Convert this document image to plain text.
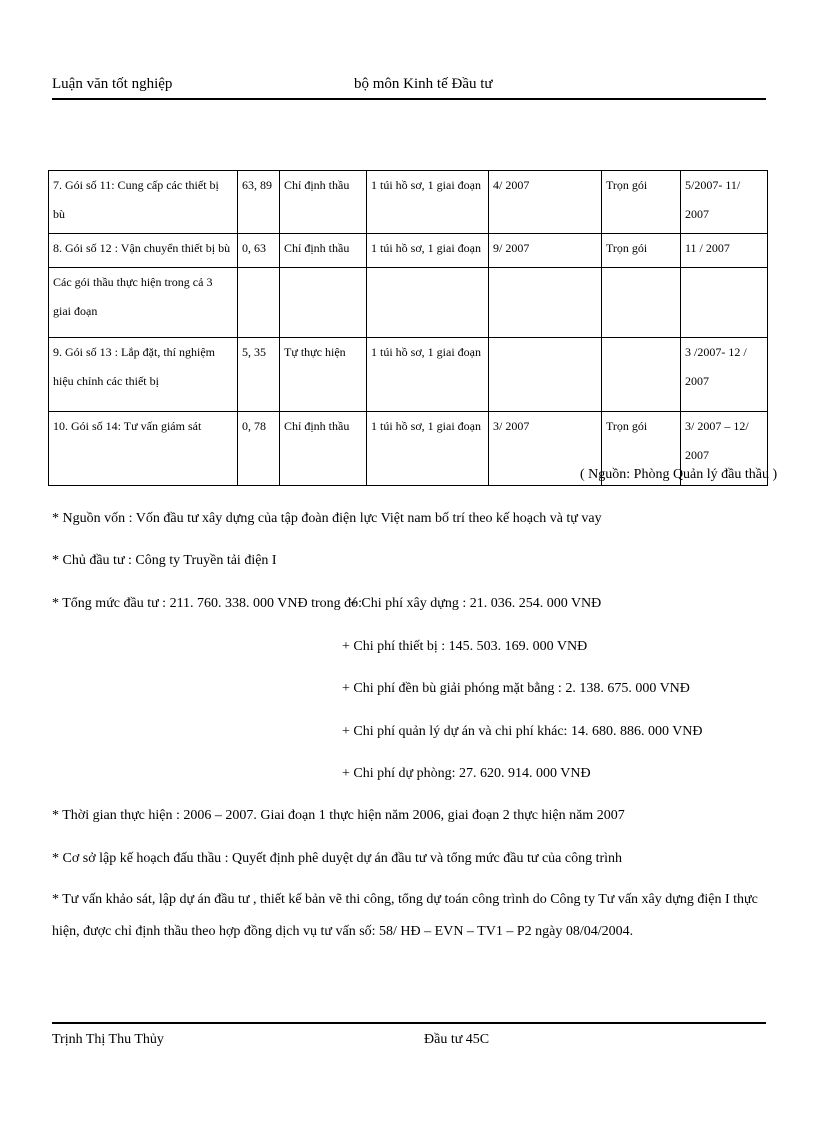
Luận văn tốt nghiệp	bộ môn Kinh tế Đầu tư
7. Gói số 11: Cung cấp các thiết bị bù	63, 89	Chỉ định thầu	1 túi hồ sơ, 1 giai đoạn	4/ 2007	Trọn gói	5/2007- 11/ 2007
8. Gói số 12 : Vận chuyển thiết bị bù	0, 63	Chỉ định thầu	1 túi hồ sơ, 1 giai đoạn	9/ 2007	Trọn gói	11 / 2007
Các gói thầu thực hiện trong cả 3 giai đoạn						
9. Gói số 13 : Lắp đặt, thí nghiệm hiệu chỉnh các thiết bị	5, 35	Tự thực hiện	1 túi hồ sơ, 1 giai đoạn			3 /2007- 12 / 2007
10. Gói số 14: Tư vấn giám sát	0, 78	Chỉ định thầu	1 túi hồ sơ, 1 giai đoạn	3/ 2007	Trọn gói	3/ 2007 – 12/ 2007
( Nguồn: Phòng Quản lý đầu thầu )
* Nguồn vốn : Vốn đầu tư xây dựng của tập đoàn điện lực Việt nam bố trí theo kế hoạch và tự vay
* Chủ đầu tư : Công ty Truyền tải điện I
* Tổng mức đầu tư : 211. 760. 338. 000 VNĐ trong đó:
+ Chi phí xây dựng : 21. 036. 254. 000 VNĐ
+ Chi phí thiết bị : 145. 503. 169. 000 VNĐ
+ Chi phí đền bù giải phóng mặt bằng : 2. 138. 675. 000 VNĐ
+ Chi phí quản lý dự án và chi phí khác: 14. 680. 886. 000 VNĐ
+ Chi phí dự phòng: 27. 620. 914. 000 VNĐ
* Thời gian thực hiện : 2006 – 2007. Giai đoạn 1 thực hiện năm 2006, giai đoạn 2 thực hiện năm 2007
* Cơ sở lập kế hoạch đấu thầu : Quyết định phê duyệt dự án đầu tư và tổng mức đầu tư của công trình
* Tư vấn khảo sát, lập dự án đầu tư , thiết kế bản vẽ thi công, tổng dự toán công trình do Công ty Tư vấn xây dựng điện I thực hiện, được chỉ định thầu theo hợp đồng dịch vụ tư vấn số: 58/ HĐ – EVN – TV1 – P2 ngày 08/04/2004.
Trịnh Thị Thu Thủy	Đầu tư 45C
